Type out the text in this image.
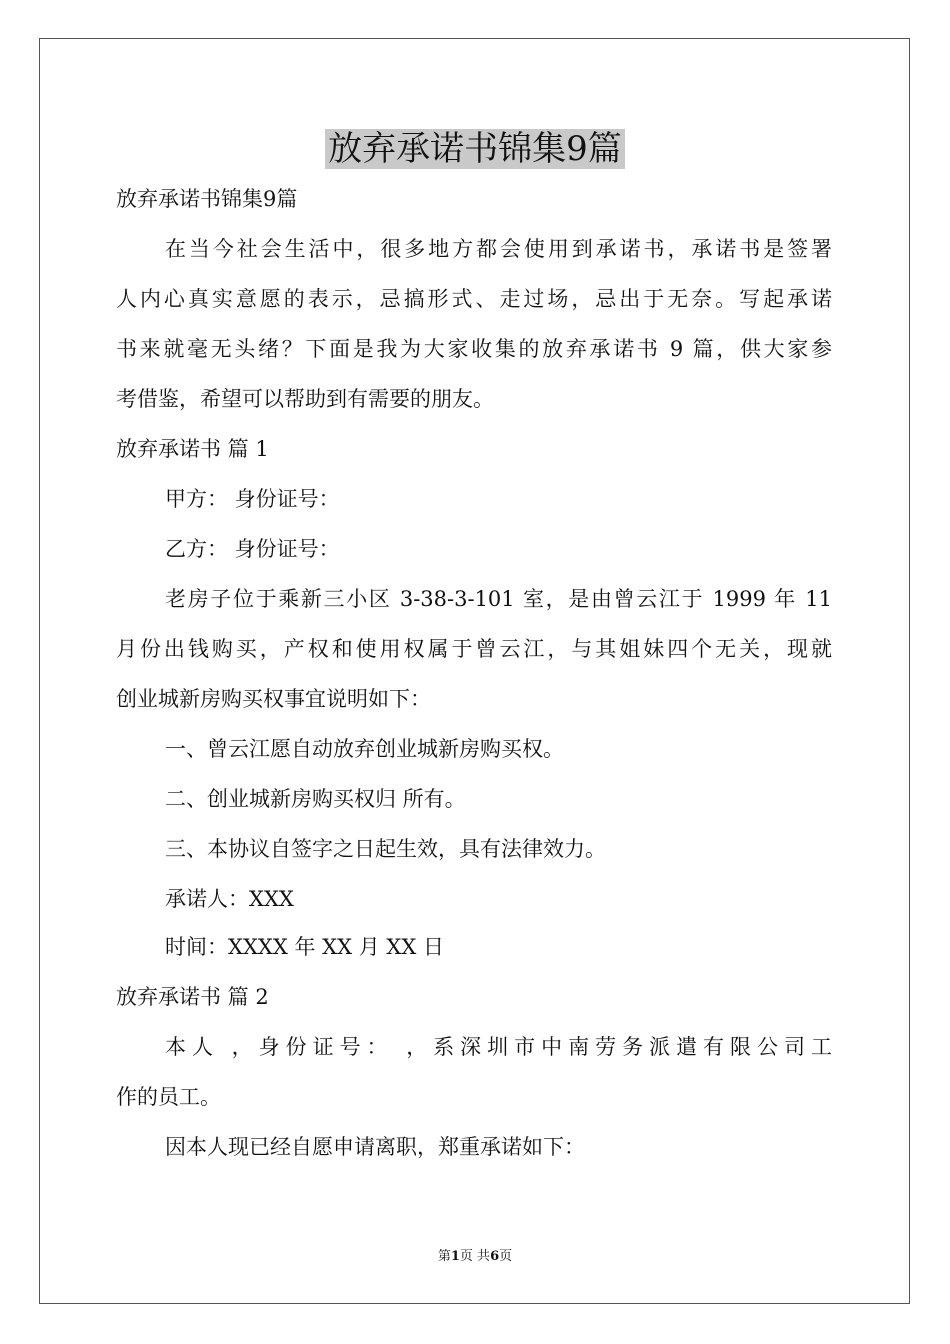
放弃承诺书锦集9篇

放弃承诺书锦集9篇

在当今社会生活中，很多地方都会使用到承诺书，承诺书是签署

人内心真实意愿的表示，忌搞形式、走过场，忌出于无奈。写起承诺

书来就毫无头绪？下面是我为大家收集的放弃承诺书 9 篇，供大家参

考借鉴，希望可以帮助到有需要的朋友。

放弃承诺书 篇 1

甲方： 身份证号：

乙方： 身份证号：

老房子位于乘新三小区 3-38-3-101 室，是由曾云江于 1999 年 11

月份出钱购买，产权和使用权属于曾云江，与其姐妹四个无关，现就

创业城新房购买权事宜说明如下：

一、曾云江愿自动放弃创业城新房购买权。

二、创业城新房购买权归 所有。

三、本协议自签字之日起生效，具有法律效力。

承诺人：XXX

时间：XXXX 年 XX 月 XX 日

放弃承诺书 篇 2

本人 ，身份证号： ，系深圳市中南劳务派遣有限公司工

作的员工。

因本人现已经自愿申请离职，郑重承诺如下：

第1页 共6页
